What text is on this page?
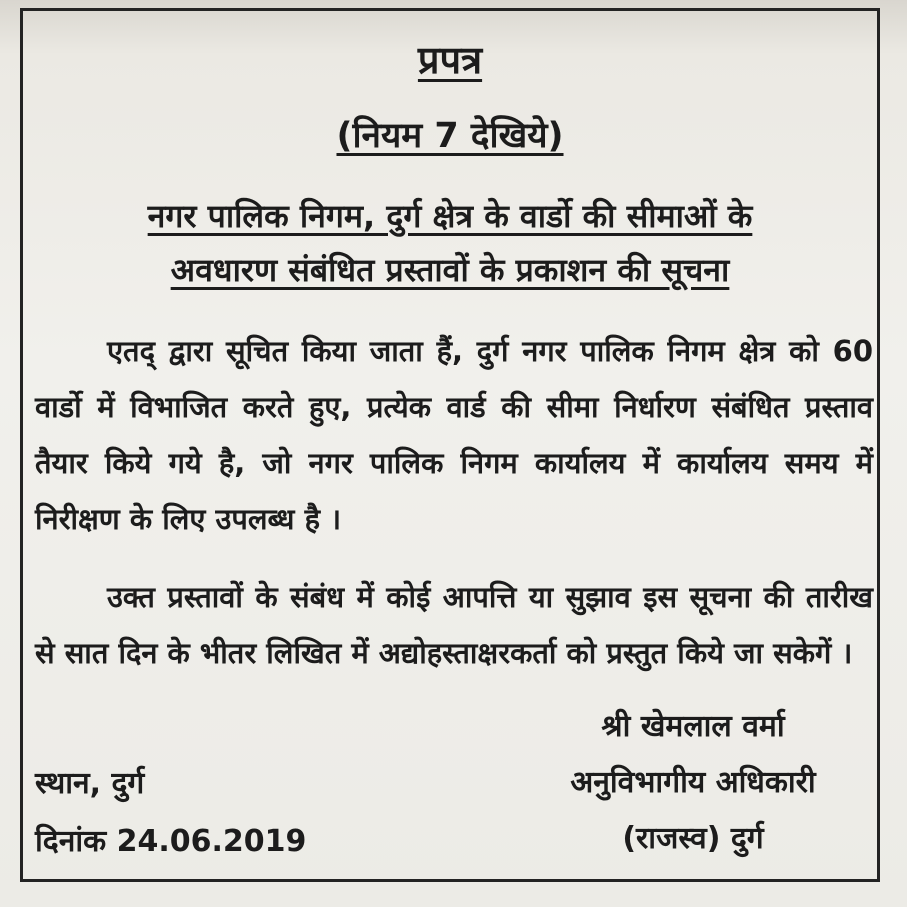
प्रपत्र
(नियम 7 देखिये)
नगर पालिक निगम, दुर्ग क्षेत्र के वार्डो की सीमाओं के
अवधारण संबंधित प्रस्तावों के प्रकाशन की सूचना

एतद् द्वारा सूचित किया जाता हैं, दुर्ग नगर पालिक निगम क्षेत्र को 60 वार्डो में विभाजित करते हुए, प्रत्येक वार्ड की सीमा निर्धारण संबंधित प्रस्ताव तैयार किये गये है, जो नगर पालिक निगम कार्यालय में कार्यालय समय में निरीक्षण के लिए उपलब्ध है ।

उक्त प्रस्तावों के संबंध में कोई आपत्ति या सुझाव इस सूचना की तारीख से सात दिन के भीतर लिखित में अद्योहस्ताक्षरकर्ता को प्रस्तुत किये जा सकेगें ।

स्थान, दुर्ग
दिनांक 24.06.2019
श्री खेमलाल वर्मा
अनुविभागीय अधिकारी
(राजस्व) दुर्ग
